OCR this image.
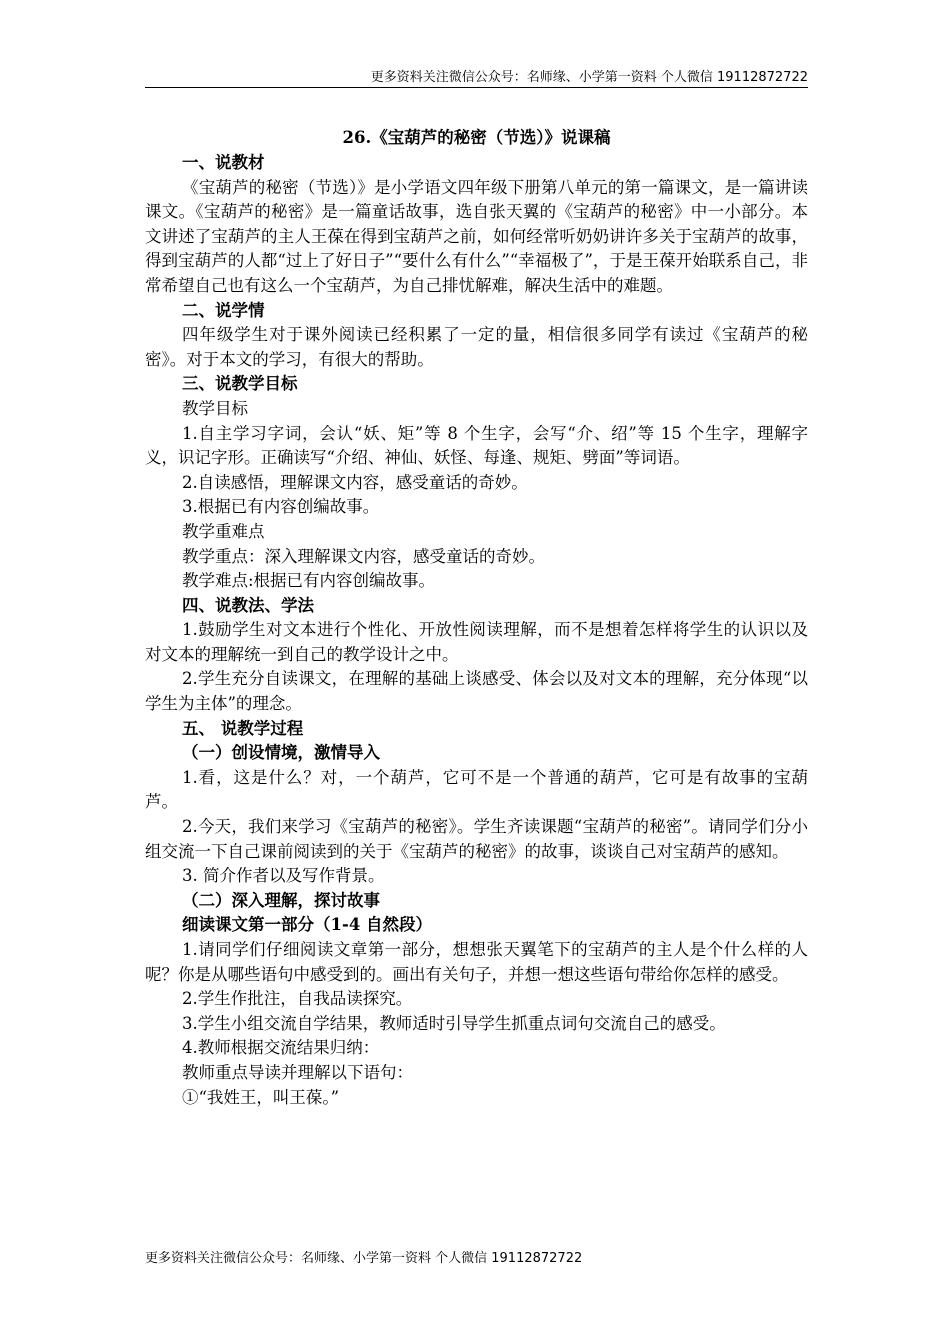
更多资料关注微信公众号：名师缘、小学第一资料 个人微信 19112872722
26.《宝葫芦的秘密（节选）》说课稿

一、说教材

《宝葫芦的秘密（节选）》是小学语文四年级下册第八单元的第一篇课文，是一篇讲读课文。《宝葫芦的秘密》是一篇童话故事，选自张天翼的《宝葫芦的秘密》中一小部分。本文讲述了宝葫芦的主人王葆在得到宝葫芦之前，如何经常听奶奶讲许多关于宝葫芦的故事，得到宝葫芦的人都“过上了好日子”“要什么有什么”“幸福极了”，于是王葆开始联系自己，非常希望自己也有这么一个宝葫芦，为自己排忧解难，解决生活中的难题。

二、说学情

四年级学生对于课外阅读已经积累了一定的量，相信很多同学有读过《宝葫芦的秘密》。对于本文的学习，有很大的帮助。

三、说教学目标

教学目标

1.自主学习字词，会认“妖、矩”等 8 个生字，会写“介、绍”等 15 个生字，理解字义，识记字形。正确读写“介绍、神仙、妖怪、每逢、规矩、劈面”等词语。

2.自读感悟，理解课文内容，感受童话的奇妙。

3.根据已有内容创编故事。

教学重难点

教学重点：深入理解课文内容，感受童话的奇妙。

教学难点:根据已有内容创编故事。

四、说教法、学法

1.鼓励学生对文本进行个性化、开放性阅读理解，而不是想着怎样将学生的认识以及对文本的理解统一到自己的教学设计之中。

2.学生充分自读课文，在理解的基础上谈感受、体会以及对文本的理解，充分体现“以学生为主体”的理念。

五、 说教学过程

（一）创设情境，激情导入

1.看，这是什么？对，一个葫芦，它可不是一个普通的葫芦，它可是有故事的宝葫芦。

2.今天，我们来学习《宝葫芦的秘密》。学生齐读课题“宝葫芦的秘密”。请同学们分小组交流一下自己课前阅读到的关于《宝葫芦的秘密》的故事，谈谈自己对宝葫芦的感知。

3. 简介作者以及写作背景。

（二）深入理解，探讨故事

细读课文第一部分（1-4 自然段）

1.请同学们仔细阅读文章第一部分，想想张天翼笔下的宝葫芦的主人是个什么样的人呢？你是从哪些语句中感受到的。画出有关句子，并想一想这些语句带给你怎样的感受。

2.学生作批注，自我品读探究。

3.学生小组交流自学结果，教师适时引导学生抓重点词句交流自己的感受。

4.教师根据交流结果归纳：

教师重点导读并理解以下语句：

①“我姓王，叫王葆。”

更多资料关注微信公众号：名师缘、小学第一资料 个人微信 19112872722
